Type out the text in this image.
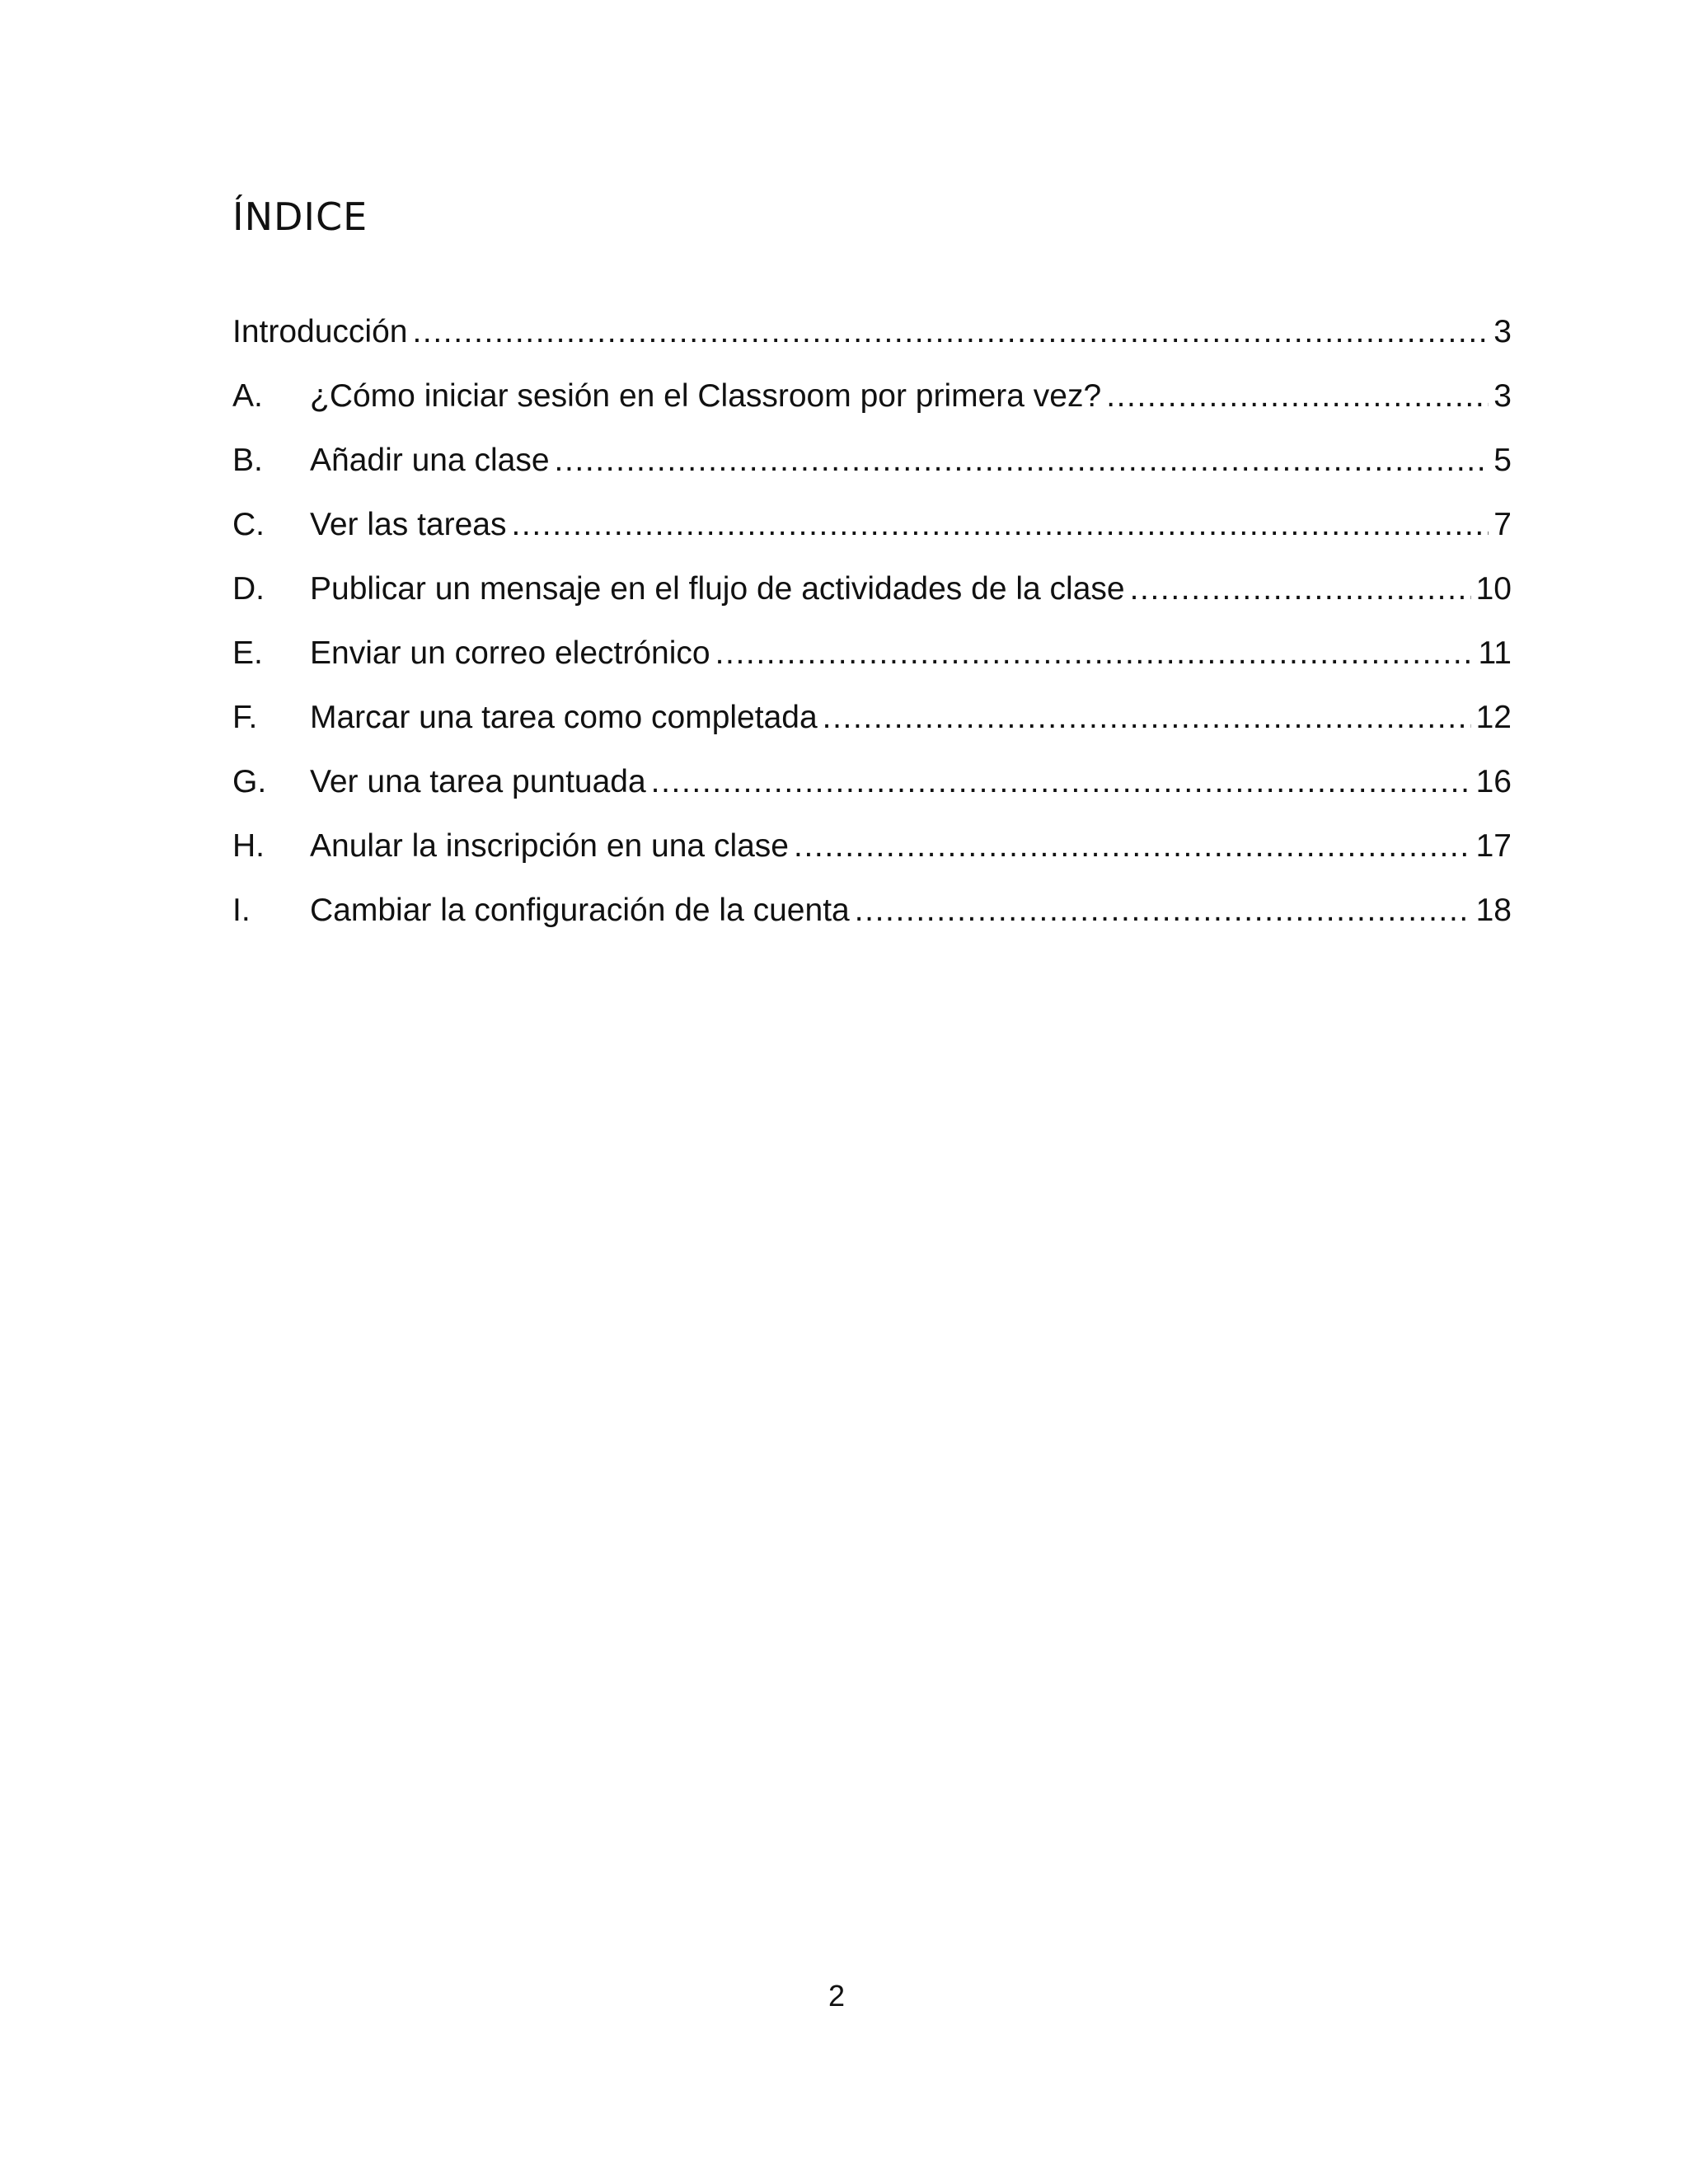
ÍNDICE
Introducción .....	3
A.	¿Cómo iniciar sesión en el Classroom por primera vez? .....	3
B.	Añadir una clase .....	5
C.	Ver las tareas .....	7
D.	Publicar un mensaje en el flujo de actividades de la clase .....	10
E.	Enviar un correo electrónico .....	11
F.	Marcar una tarea como completada .....	12
G.	Ver una tarea puntuada .....	16
H.	Anular la inscripción en una clase .....	17
I.	Cambiar la configuración de la cuenta .....	18
2
